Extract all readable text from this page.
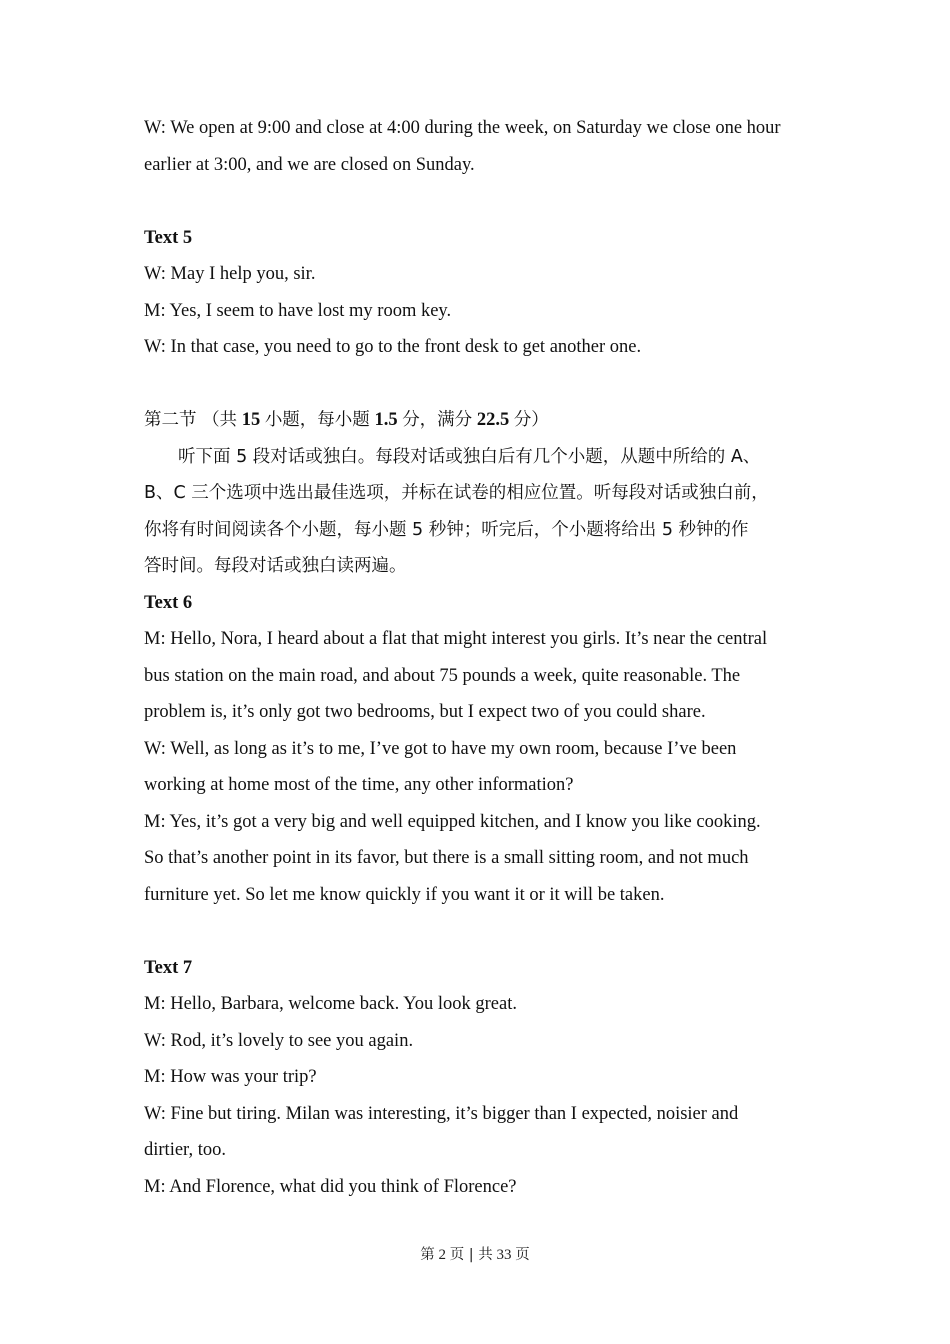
W: We open at 9:00 and close at 4:00 during the week, on Saturday we close one hour
earlier at 3:00, and we are closed on Sunday.
Text 5
W: May I help you, sir.
M: Yes, I seem to have lost my room key.
W: In that case, you need to go to the front desk to get another one.
第二节 （共 15 小题，每小题 1.5 分，满分 22.5 分）
听下面 5 段对话或独白。每段对话或独白后有几个小题，从题中所给的 A、
B、C 三个选项中选出最佳选项，并标在试卷的相应位置。听每段对话或独白前，
你将有时间阅读各个小题，每小题 5 秒钟；听完后，个小题将给出 5 秒钟的作
答时间。每段对话或独白读两遍。
Text 6
M: Hello, Nora, I heard about a flat that might interest you girls. It’s near the central
bus station on the main road, and about 75 pounds a week, quite reasonable. The
problem is, it’s only got two bedrooms, but I expect two of you could share.
W: Well, as long as it’s to me, I’ve got to have my own room, because I’ve been
working at home most of the time, any other information?
M: Yes, it’s got a very big and well equipped kitchen, and I know you like cooking.
So that’s another point in its favor, but there is a small sitting room, and not much
furniture yet. So let me know quickly if you want it or it will be taken.
Text 7
M: Hello, Barbara, welcome back. You look great.
W: Rod, it’s lovely to see you again.
M: How was your trip?
W: Fine but tiring. Milan was interesting, it’s bigger than I expected, noisier and
dirtier, too.
M: And Florence, what did you think of Florence?
第 2 页 | 共 33 页
